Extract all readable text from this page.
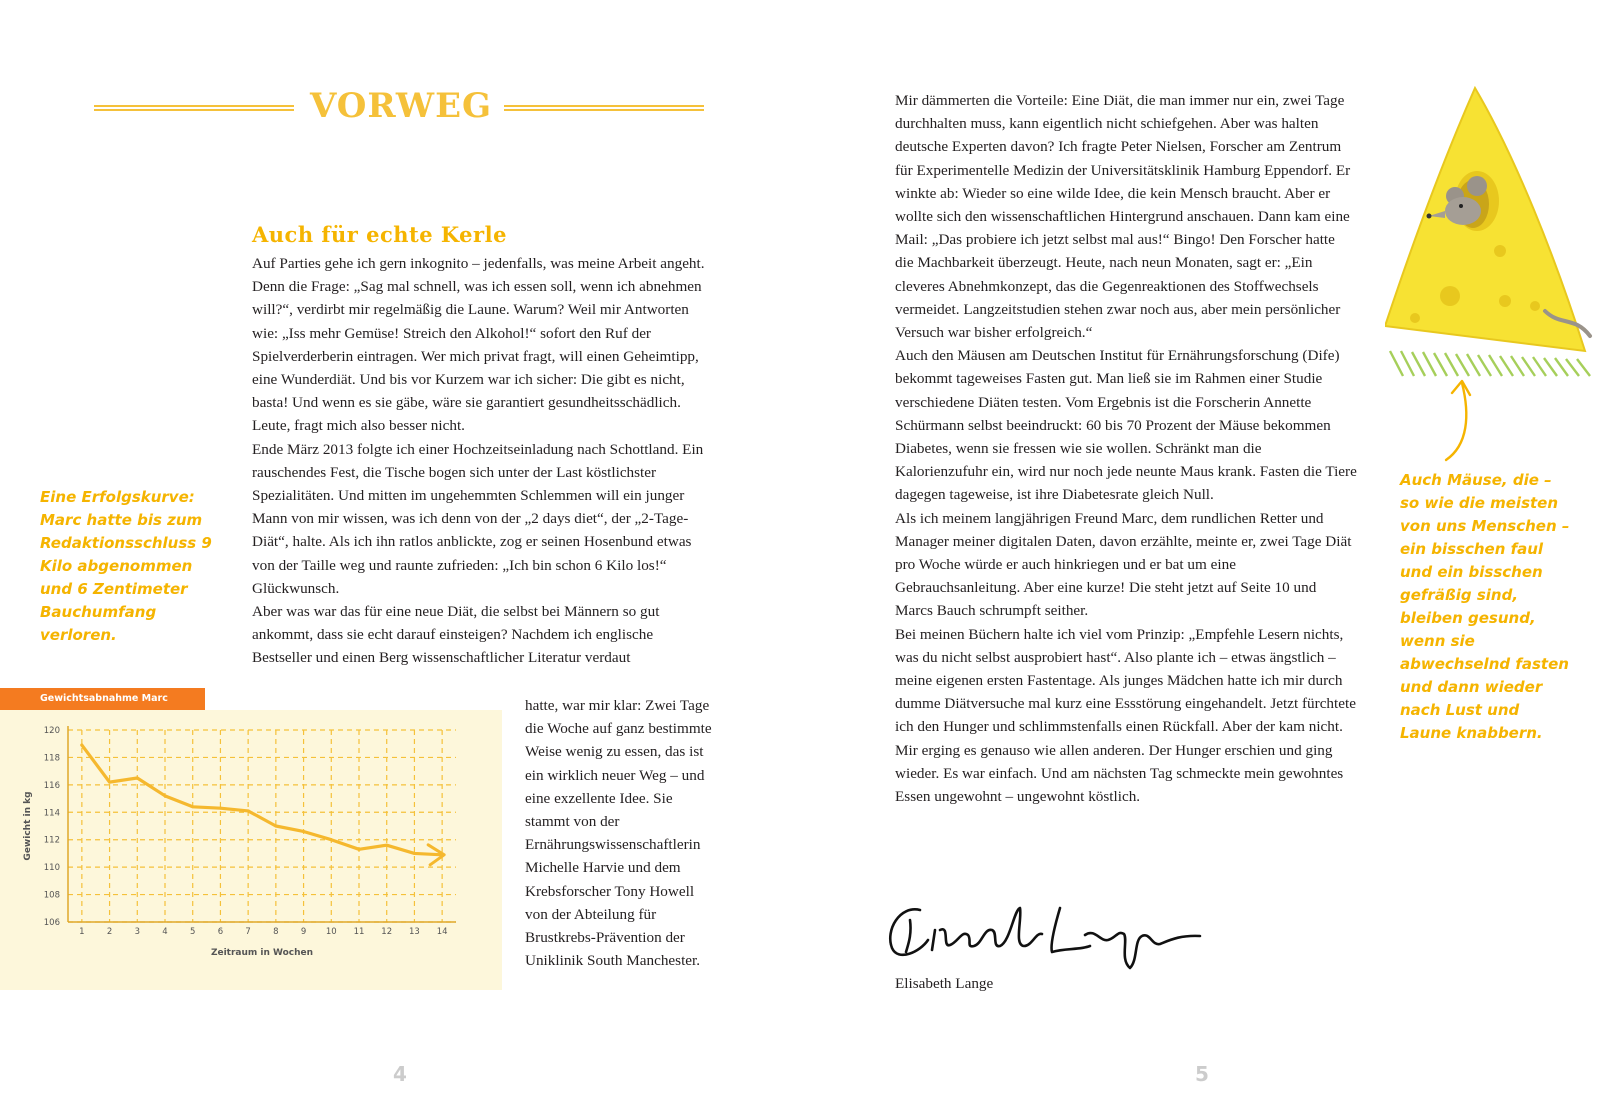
VORWEG
Auch für echte Kerle

Auf Parties gehe ich gern inkognito – jedenfalls, was meine Arbeit angeht. Denn die Frage: „Sag mal schnell, was ich essen soll, wenn ich abnehmen will?“, verdirbt mir regelmäßig die Laune. Warum? Weil mir Antworten wie: „Iss mehr Gemüse! Streich den Alkohol!“ sofort den Ruf der Spielverderberin eintragen. Wer mich privat fragt, will einen Geheimtipp, eine Wunderdiät. Und bis vor Kurzem war ich sicher: Die gibt es nicht, basta! Und wenn es sie gäbe, wäre sie garantiert gesundheitsschädlich. Leute, fragt mich also besser nicht.

Ende März 2013 folgte ich einer Hochzeitseinladung nach Schottland. Ein rauschendes Fest, die Tische bogen sich unter der Last köstlichster Spezialitäten. Und mitten im ungehemmten Schlemmen will ein junger Mann von mir wissen, was ich denn von der „2 days diet“, der „2-Tage-Diät“, halte. Als ich ihn ratlos anblickte, zog er seinen Hosenbund etwas von der Taille weg und raunte zufrieden: „Ich bin schon 6 Kilo los!“ Glückwunsch.

Aber was war das für eine neue Diät, die selbst bei Männern so gut ankommt, dass sie echt darauf einsteigen? Nachdem ich englische Bestseller und einen Berg wissenschaftlicher Literatur verdaut

hatte, war mir klar: Zwei Tage die Woche auf ganz bestimmte Weise wenig zu essen, das ist ein wirklich neuer Weg – und eine exzellente Idee. Sie stammt von der Ernährungswissenschaftlerin Michelle Harvie und dem Krebsforscher Tony Howell von der Abteilung für Brustkrebs-Prävention der Uniklinik South Manchester.

Eine Erfolgskurve: Marc hatte bis zum Redaktionsschluss 9 Kilo abgenommen und 6 Zentimeter Bauchumfang verloren.
Gewichtsabnahme Marc
106
108
110
112
114
116
118
120
1	2	3	4	5	6	7	8	9 10 11 12 13 14
Zeitraum in Wochen
Gewicht in kg
4

Mir dämmerten die Vorteile: Eine Diät, die man immer nur ein, zwei Tage durchhalten muss, kann eigentlich nicht schiefgehen. Aber was halten deutsche Experten davon? Ich fragte Peter Nielsen, Forscher am Zentrum für Experimentelle Medizin der Universitätsklinik Hamburg Eppendorf. Er winkte ab: Wieder so eine wilde Idee, die kein Mensch braucht. Aber er wollte sich den wissenschaftlichen Hintergrund anschauen. Dann kam eine Mail: „Das probiere ich jetzt selbst mal aus!“ Bingo! Den Forscher hatte die Machbarkeit überzeugt. Heute, nach neun Monaten, sagt er: „Ein cleveres Abnehmkonzept, das die Gegenreaktionen des Stoffwechsels vermeidet. Langzeitstudien stehen zwar noch aus, aber mein persönlicher Versuch war bisher erfolgreich.“

Auch den Mäusen am Deutschen Institut für Ernährungsforschung (Dife) bekommt tageweises Fasten gut. Man ließ sie im Rahmen einer Studie verschiedene Diäten testen. Vom Ergebnis ist die Forscherin Annette Schürmann selbst beeindruckt: 60 bis 70 Prozent der Mäuse bekommen Diabetes, wenn sie fressen wie sie wollen. Schränkt man die Kalorienzufuhr ein, wird nur noch jede neunte Maus krank. Fasten die Tiere dagegen tageweise, ist ihre Diabetesrate gleich Null.

Als ich meinem langjährigen Freund Marc, dem rundlichen Retter und Manager meiner digitalen Daten, davon erzählte, meinte er, zwei Tage Diät pro Woche würde er auch hinkriegen und er bat um eine Gebrauchsanleitung. Aber eine kurze! Die steht jetzt auf Seite 10 und Marcs Bauch schrumpft seither.

Bei meinen Büchern halte ich viel vom Prinzip: „Empfehle Lesern nichts, was du nicht selbst ausprobiert hast“. Also plante ich – etwas ängstlich – meine eigenen ersten Fastentage. Als junges Mädchen hatte ich mir durch dumme Diätversuche mal kurz eine Essstörung eingehandelt. Jetzt fürchtete ich den Hunger und schlimmstenfalls einen Rückfall. Aber der kam nicht. Mir erging es genauso wie allen anderen. Der Hunger erschien und ging wieder. Es war einfach. Und am nächsten Tag schmeckte mein gewohntes Essen ungewohnt – ungewohnt köstlich.

Elisabeth Lange
Auch Mäuse, die – so wie die meisten von uns Menschen – ein bisschen faul und ein bisschen gefräßig sind, bleiben gesund, wenn sie abwechselnd fasten und dann wieder nach Lust und Laune knabbern.
5
